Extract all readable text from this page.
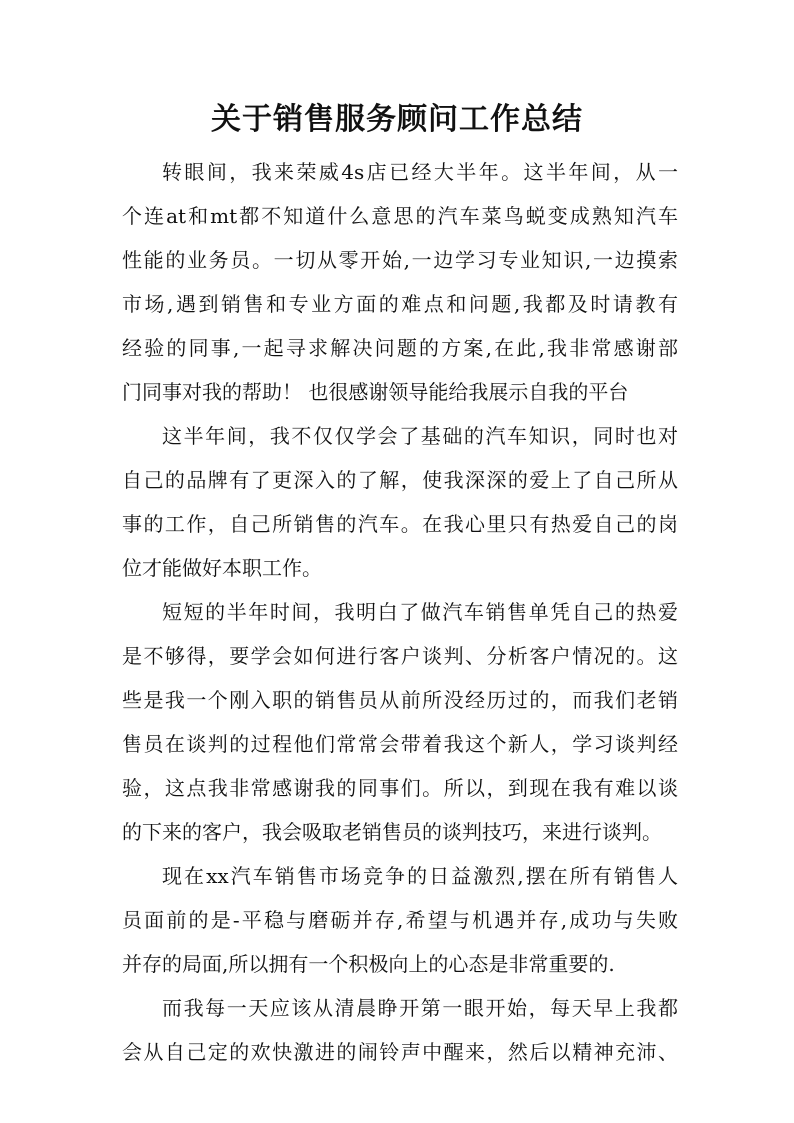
关于销售服务顾问工作总结

转眼间，我来荣威4s店已经大半年。这半年间，从一
个连at和mt都不知道什么意思的汽车菜鸟蜕变成熟知汽车
性能的业务员。一切从零开始,一边学习专业知识,一边摸索
市场,遇到销售和专业方面的难点和问题,我都及时请教有
经验的同事,一起寻求解决问题的方案,在此,我非常感谢部
门同事对我的帮助！ 也很感谢领导能给我展示自我的平台

这半年间，我不仅仅学会了基础的汽车知识，同时也对
自己的品牌有了更深入的了解，使我深深的爱上了自己所从
事的工作，自己所销售的汽车。在我心里只有热爱自己的岗
位才能做好本职工作。

短短的半年时间，我明白了做汽车销售单凭自己的热爱
是不够得，要学会如何进行客户谈判、分析客户情况的。这
些是我一个刚入职的销售员从前所没经历过的，而我们老销
售员在谈判的过程他们常常会带着我这个新人，学习谈判经
验，这点我非常感谢我的同事们。所以，到现在我有难以谈
的下来的客户，我会吸取老销售员的谈判技巧，来进行谈判。

现在xx汽车销售市场竞争的日益激烈,摆在所有销售人
员面前的是-平稳与磨砺并存,希望与机遇并存,成功与失败
并存的局面,所以拥有一个积极向上的心态是非常重要的.

而我每一天应该从清晨睁开第一眼开始，每天早上我都
会从自己定的欢快激进的闹铃声中醒来，然后以精神充沛、
